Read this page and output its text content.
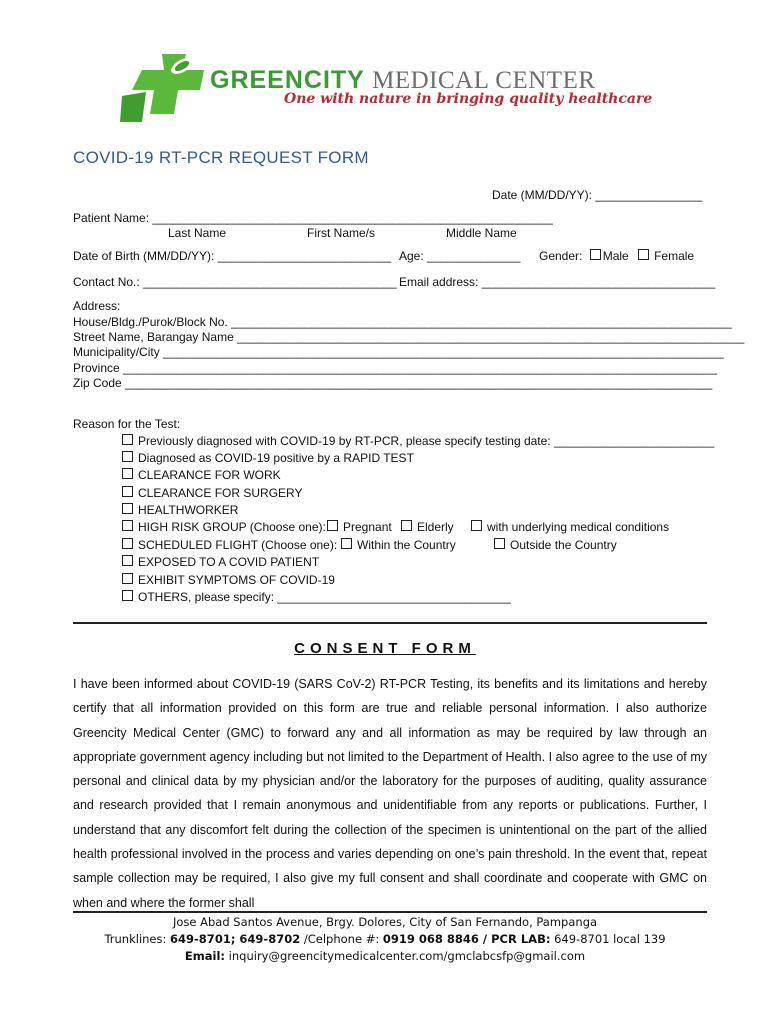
GREENCITY MEDICAL CENTER
One with nature in bringing quality healthcare
COVID-19 RT-PCR REQUEST FORM
Date (MM/DD/YY): ________________
Patient Name: ____________________________________________________________
Last Name	First Name/s	Middle Name
Date of Birth (MM/DD/YY): __________________________ Age: ______________ Gender: Male Female
Contact No.: ______________________________________ Email address: ___________________________________
Address:
House/Bldg./Purok/Block No. ___________________________________________________________________________
Street Name, Barangay Name ____________________________________________________________________________
Municipality/City ____________________________________________________________________________________
Province _________________________________________________________________________________________
Zip Code ________________________________________________________________________________________
Reason for the Test:
Previously diagnosed with COVID-19 by RT-PCR, please specify testing date: ________________________
Diagnosed as COVID-19 positive by a RAPID TEST
CLEARANCE FOR WORK
CLEARANCE FOR SURGERY
HEALTHWORKER
HIGH RISK GROUP (Choose one):	Pregnant	Elderly	with underlying medical conditions
SCHEDULED FLIGHT (Choose one):	Within the Country	Outside the Country
EXPOSED TO A COVID PATIENT
EXHIBIT SYMPTOMS OF COVID-19
OTHERS, please specify: ___________________________________
CONSENT FORM
I have been informed about COVID-19 (SARS CoV-2) RT-PCR Testing, its benefits and its limitations and hereby certify that all information provided on this form are true and reliable personal information. I also authorize Greencity Medical Center (GMC) to forward any and all information as may be required by law through an appropriate government agency including but not limited to the Department of Health. I also agree to the use of my personal and clinical data by my physician and/or the laboratory for the purposes of auditing, quality assurance and research provided that I remain anonymous and unidentifiable from any reports or publications. Further, I understand that any discomfort felt during the collection of the specimen is unintentional on the part of the allied health professional involved in the process and varies depending on one’s pain threshold. In the event that, repeat sample collection may be required, I also give my full consent and shall coordinate and cooperate with GMC on when and where the former shall
Jose Abad Santos Avenue, Brgy. Dolores, City of San Fernando, Pampanga
Trunklines: 649-8701; 649-8702 /Celphone #: 0919 068 8846 / PCR LAB: 649-8701 local 139
Email: inquiry@greencitymedicalcenter.com/gmclabcsfp@gmail.com
